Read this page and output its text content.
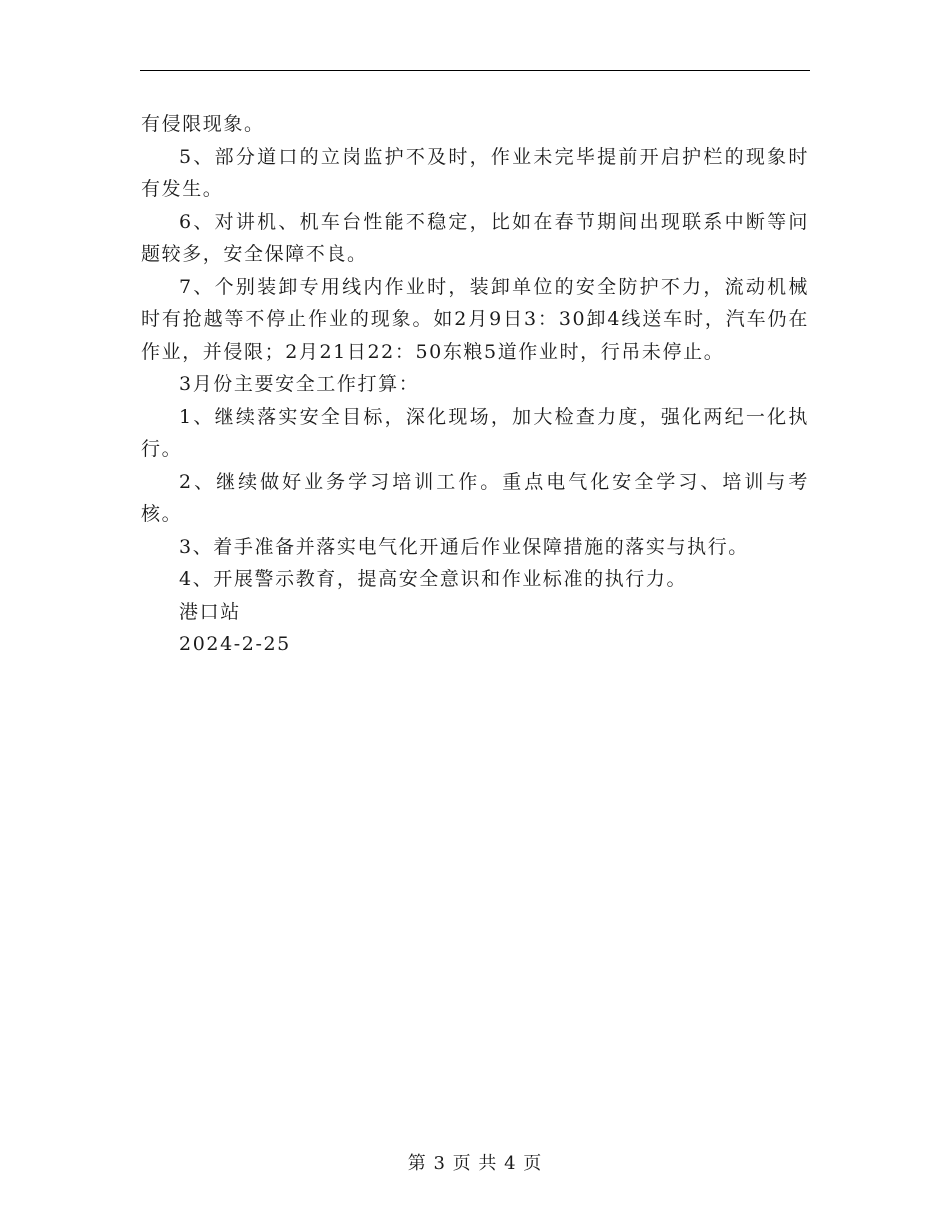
有侵限现象。

5、部分道口的立岗监护不及时，作业未完毕提前开启护栏的现象时有发生。

6、对讲机、机车台性能不稳定，比如在春节期间出现联系中断等问题较多，安全保障不良。

7、个别装卸专用线内作业时，装卸单位的安全防护不力，流动机械时有抢越等不停止作业的现象。如2月9日3：30卸4线送车时，汽车仍在作业，并侵限；2月21日22：50东粮5道作业时，行吊未停止。

3月份主要安全工作打算：

1、继续落实安全目标，深化现场，加大检查力度，强化两纪一化执行。

2、继续做好业务学习培训工作。重点电气化安全学习、培训与考核。

3、着手准备并落实电气化开通后作业保障措施的落实与执行。

4、开展警示教育，提高安全意识和作业标准的执行力。

港口站

2024-2-25

第 3 页 共 4 页
